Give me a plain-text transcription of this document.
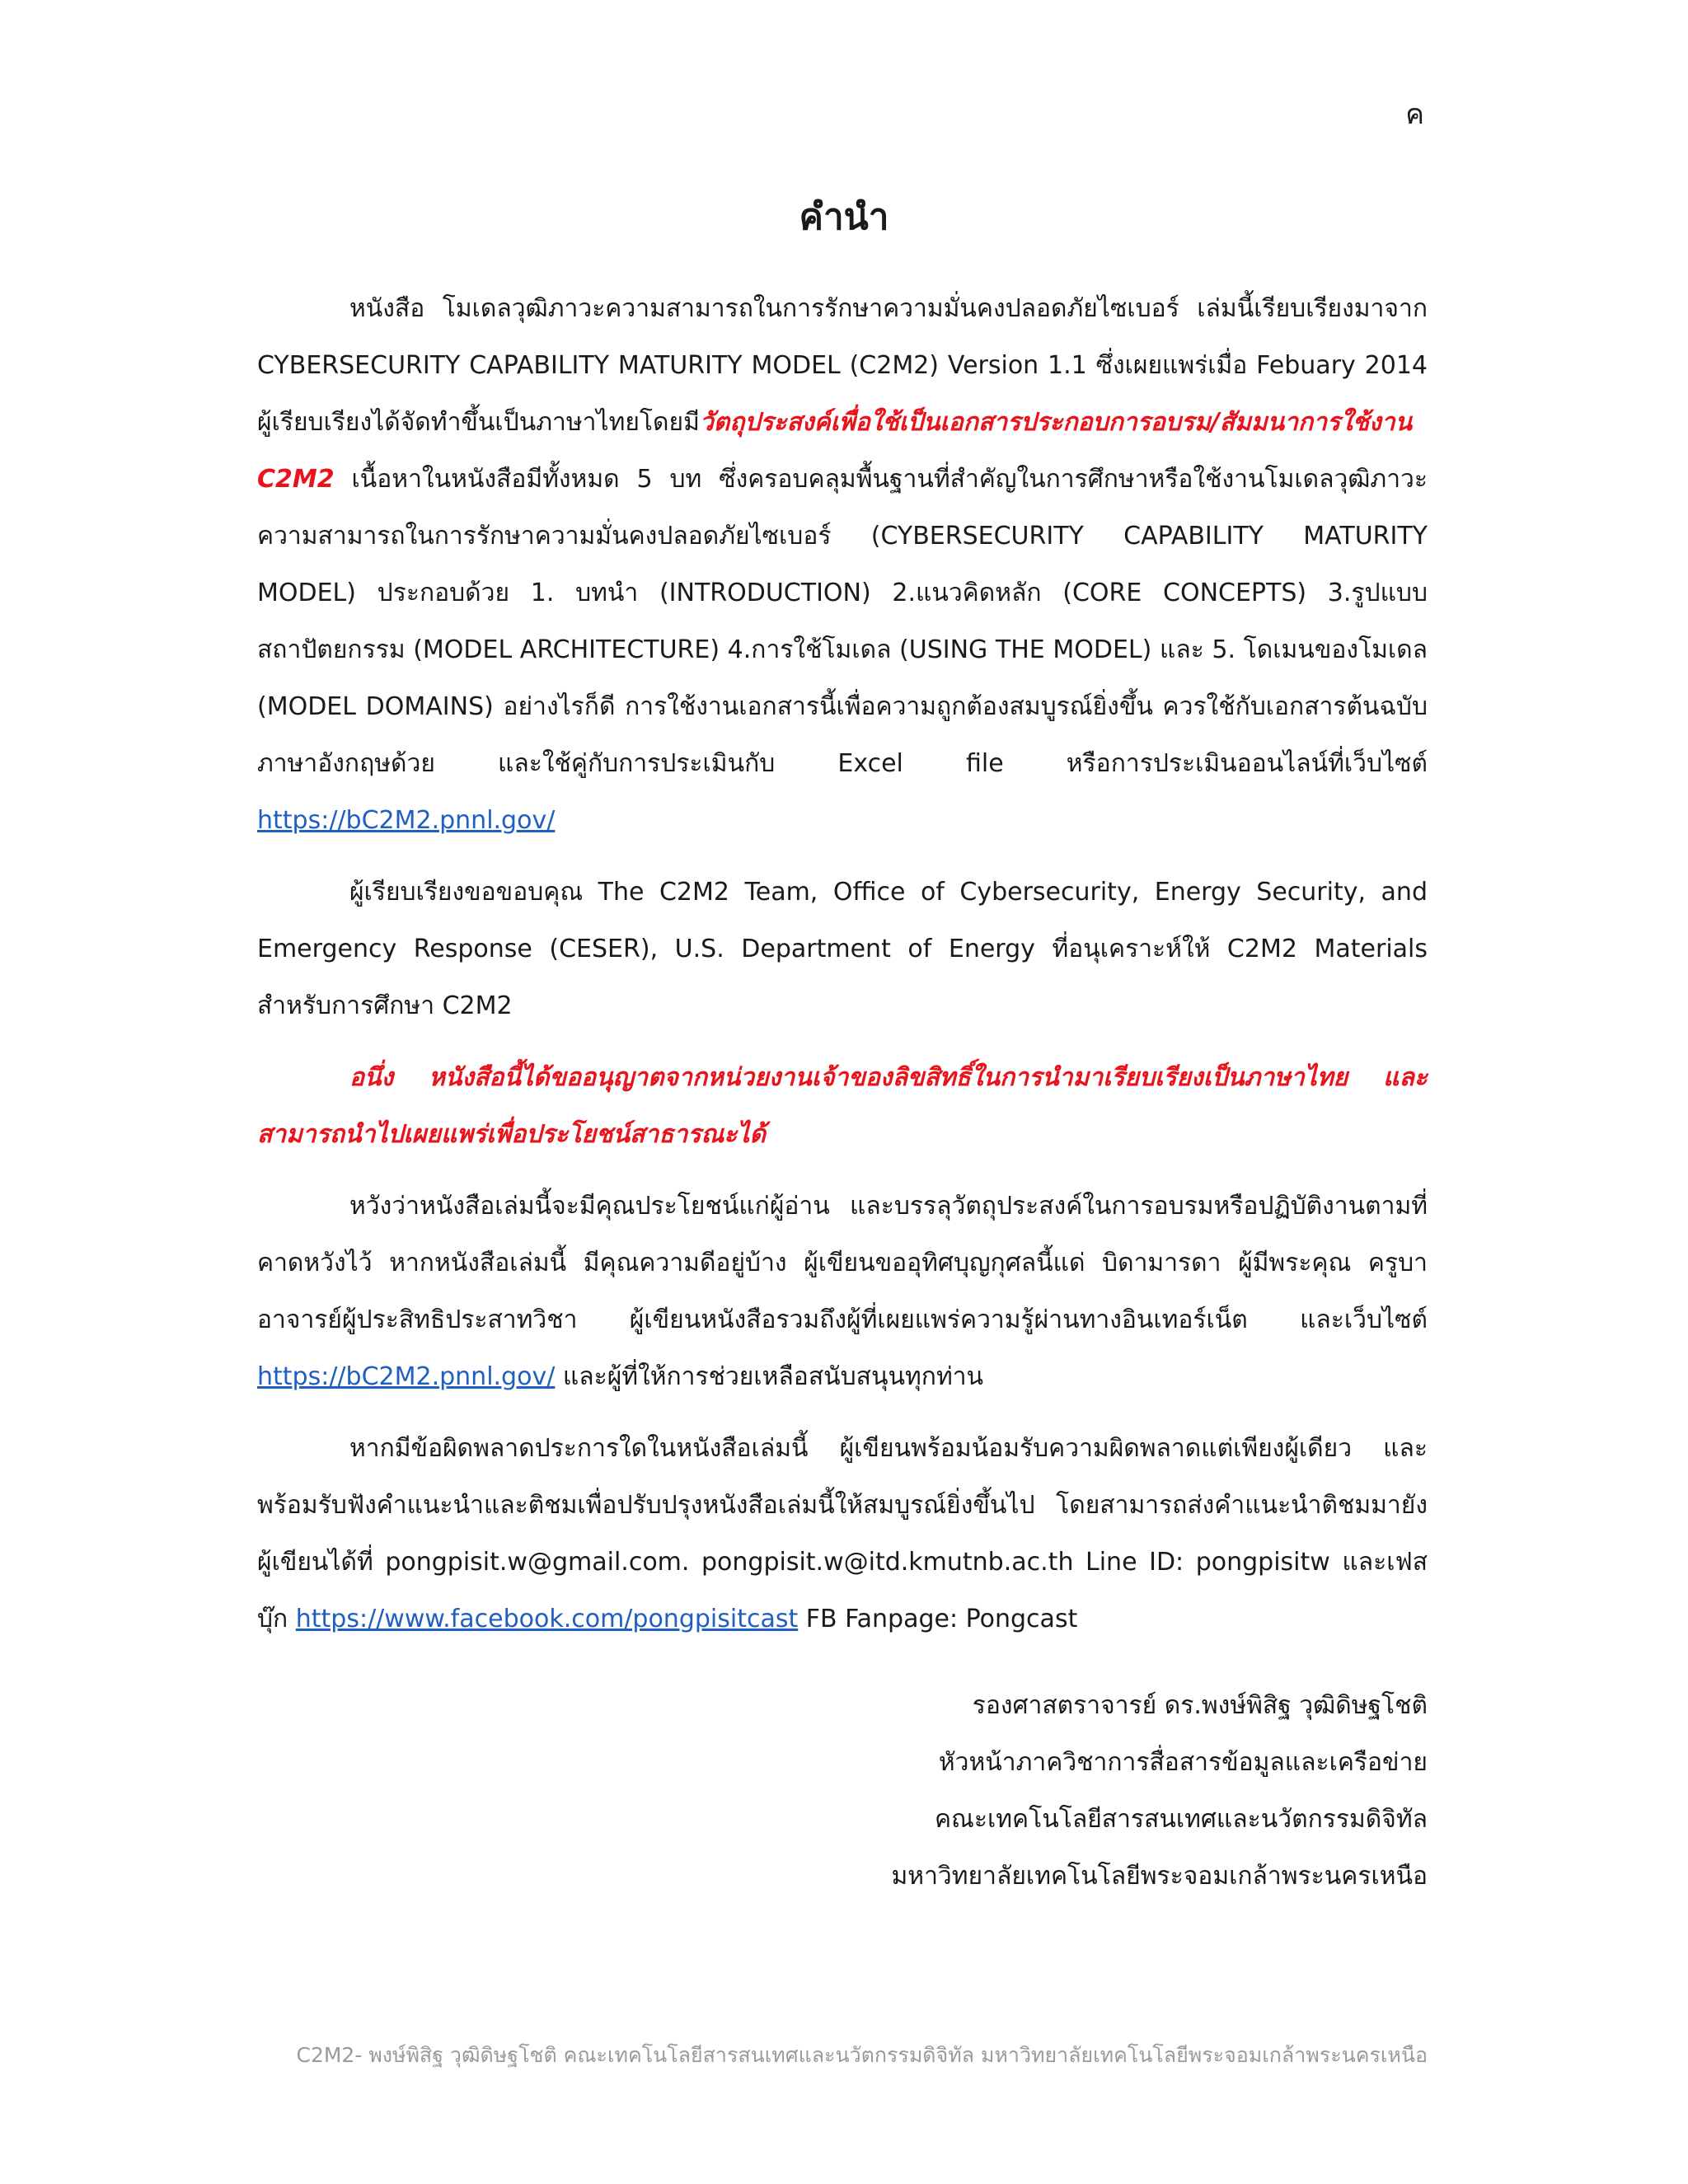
ค
คำนำ

หนังสือ โมเดลวุฒิภาวะความสามารถในการรักษาความมั่นคงปลอดภัยไซเบอร์ เล่มนี้เรียบเรียงมาจาก CYBERSECURITY CAPABILITY MATURITY MODEL (C2M2) Version 1.1 ซึ่งเผยแพร่เมื่อ Febuary 2014 ผู้เรียบเรียงได้จัดทำขึ้นเป็นภาษาไทยโดยมีวัตถุประสงค์เพื่อใช้เป็นเอกสารประกอบการอบรม/สัมมนาการใช้งาน C2M2 เนื้อหาในหนังสือมีทั้งหมด 5 บท ซึ่งครอบคลุมพื้นฐานที่สำคัญในการศึกษาหรือใช้งานโมเดลวุฒิภาวะความสามารถในการรักษาความมั่นคงปลอดภัยไซเบอร์ (CYBERSECURITY CAPABILITY MATURITY MODEL) ประกอบด้วย 1. บทนำ (INTRODUCTION) 2.แนวคิดหลัก (CORE CONCEPTS) 3.รูปแบบสถาปัตยกรรม (MODEL ARCHITECTURE) 4.การใช้โมเดล (USING THE MODEL) และ 5. โดเมนของโมเดล (MODEL DOMAINS) อย่างไรก็ดี การใช้งานเอกสารนี้เพื่อความถูกต้องสมบูรณ์ยิ่งขึ้น ควรใช้กับเอกสารต้นฉบับภาษาอังกฤษด้วย และใช้คู่กับการประเมินกับ Excel file หรือการประเมินออนไลน์ที่เว็บไซต์ https://bC2M2.pnnl.gov/

ผู้เรียบเรียงขอขอบคุณ The C2M2 Team, Office of Cybersecurity, Energy Security, and Emergency Response (CESER), U.S. Department of Energy ที่อนุเคราะห์ให้ C2M2 Materials สำหรับการศึกษา C2M2

อนึ่ง หนังสือนี้ได้ขออนุญาตจากหน่วยงานเจ้าของลิขสิทธิ์ในการนำมาเรียบเรียงเป็นภาษาไทย และสามารถนำไปเผยแพร่เพื่อประโยชน์สาธารณะได้

หวังว่าหนังสือเล่มนี้จะมีคุณประโยชน์แก่ผู้อ่าน และบรรลุวัตถุประสงค์ในการอบรมหรือปฏิบัติงานตามที่คาดหวังไว้ หากหนังสือเล่มนี้ มีคุณความดีอยู่บ้าง ผู้เขียนขออุทิศบุญกุศลนี้แด่ บิดามารดา ผู้มีพระคุณ ครูบาอาจารย์ผู้ประสิทธิประสาทวิชา ผู้เขียนหนังสือรวมถึงผู้ที่เผยแพร่ความรู้ผ่านทางอินเทอร์เน็ต และเว็บไซต์ https://bC2M2.pnnl.gov/ และผู้ที่ให้การช่วยเหลือสนับสนุนทุกท่าน

หากมีข้อผิดพลาดประการใดในหนังสือเล่มนี้ ผู้เขียนพร้อมน้อมรับความผิดพลาดแต่เพียงผู้เดียว และพร้อมรับฟังคำแนะนำและติชมเพื่อปรับปรุงหนังสือเล่มนี้ให้สมบูรณ์ยิ่งขึ้นไป โดยสามารถส่งคำแนะนำติชมมายังผู้เขียนได้ที่ pongpisit.w@gmail.com. pongpisit.w@itd.kmutnb.ac.th Line ID: pongpisitw และเฟสบุ๊ก https://www.facebook.com/pongpisitcast FB Fanpage: Pongcast

รองศาสตราจารย์ ดร.พงษ์พิสิฐ วุฒิดิษฐโชติ
หัวหน้าภาควิชาการสื่อสารข้อมูลและเครือข่าย
คณะเทคโนโลยีสารสนเทศและนวัตกรรมดิจิทัล
มหาวิทยาลัยเทคโนโลยีพระจอมเกล้าพระนครเหนือ
C2M2- พงษ์พิสิฐ วุฒิดิษฐโชติ คณะเทคโนโลยีสารสนเทศและนวัตกรรมดิจิทัล มหาวิทยาลัยเทคโนโลยีพระจอมเกล้าพระนครเหนือ
